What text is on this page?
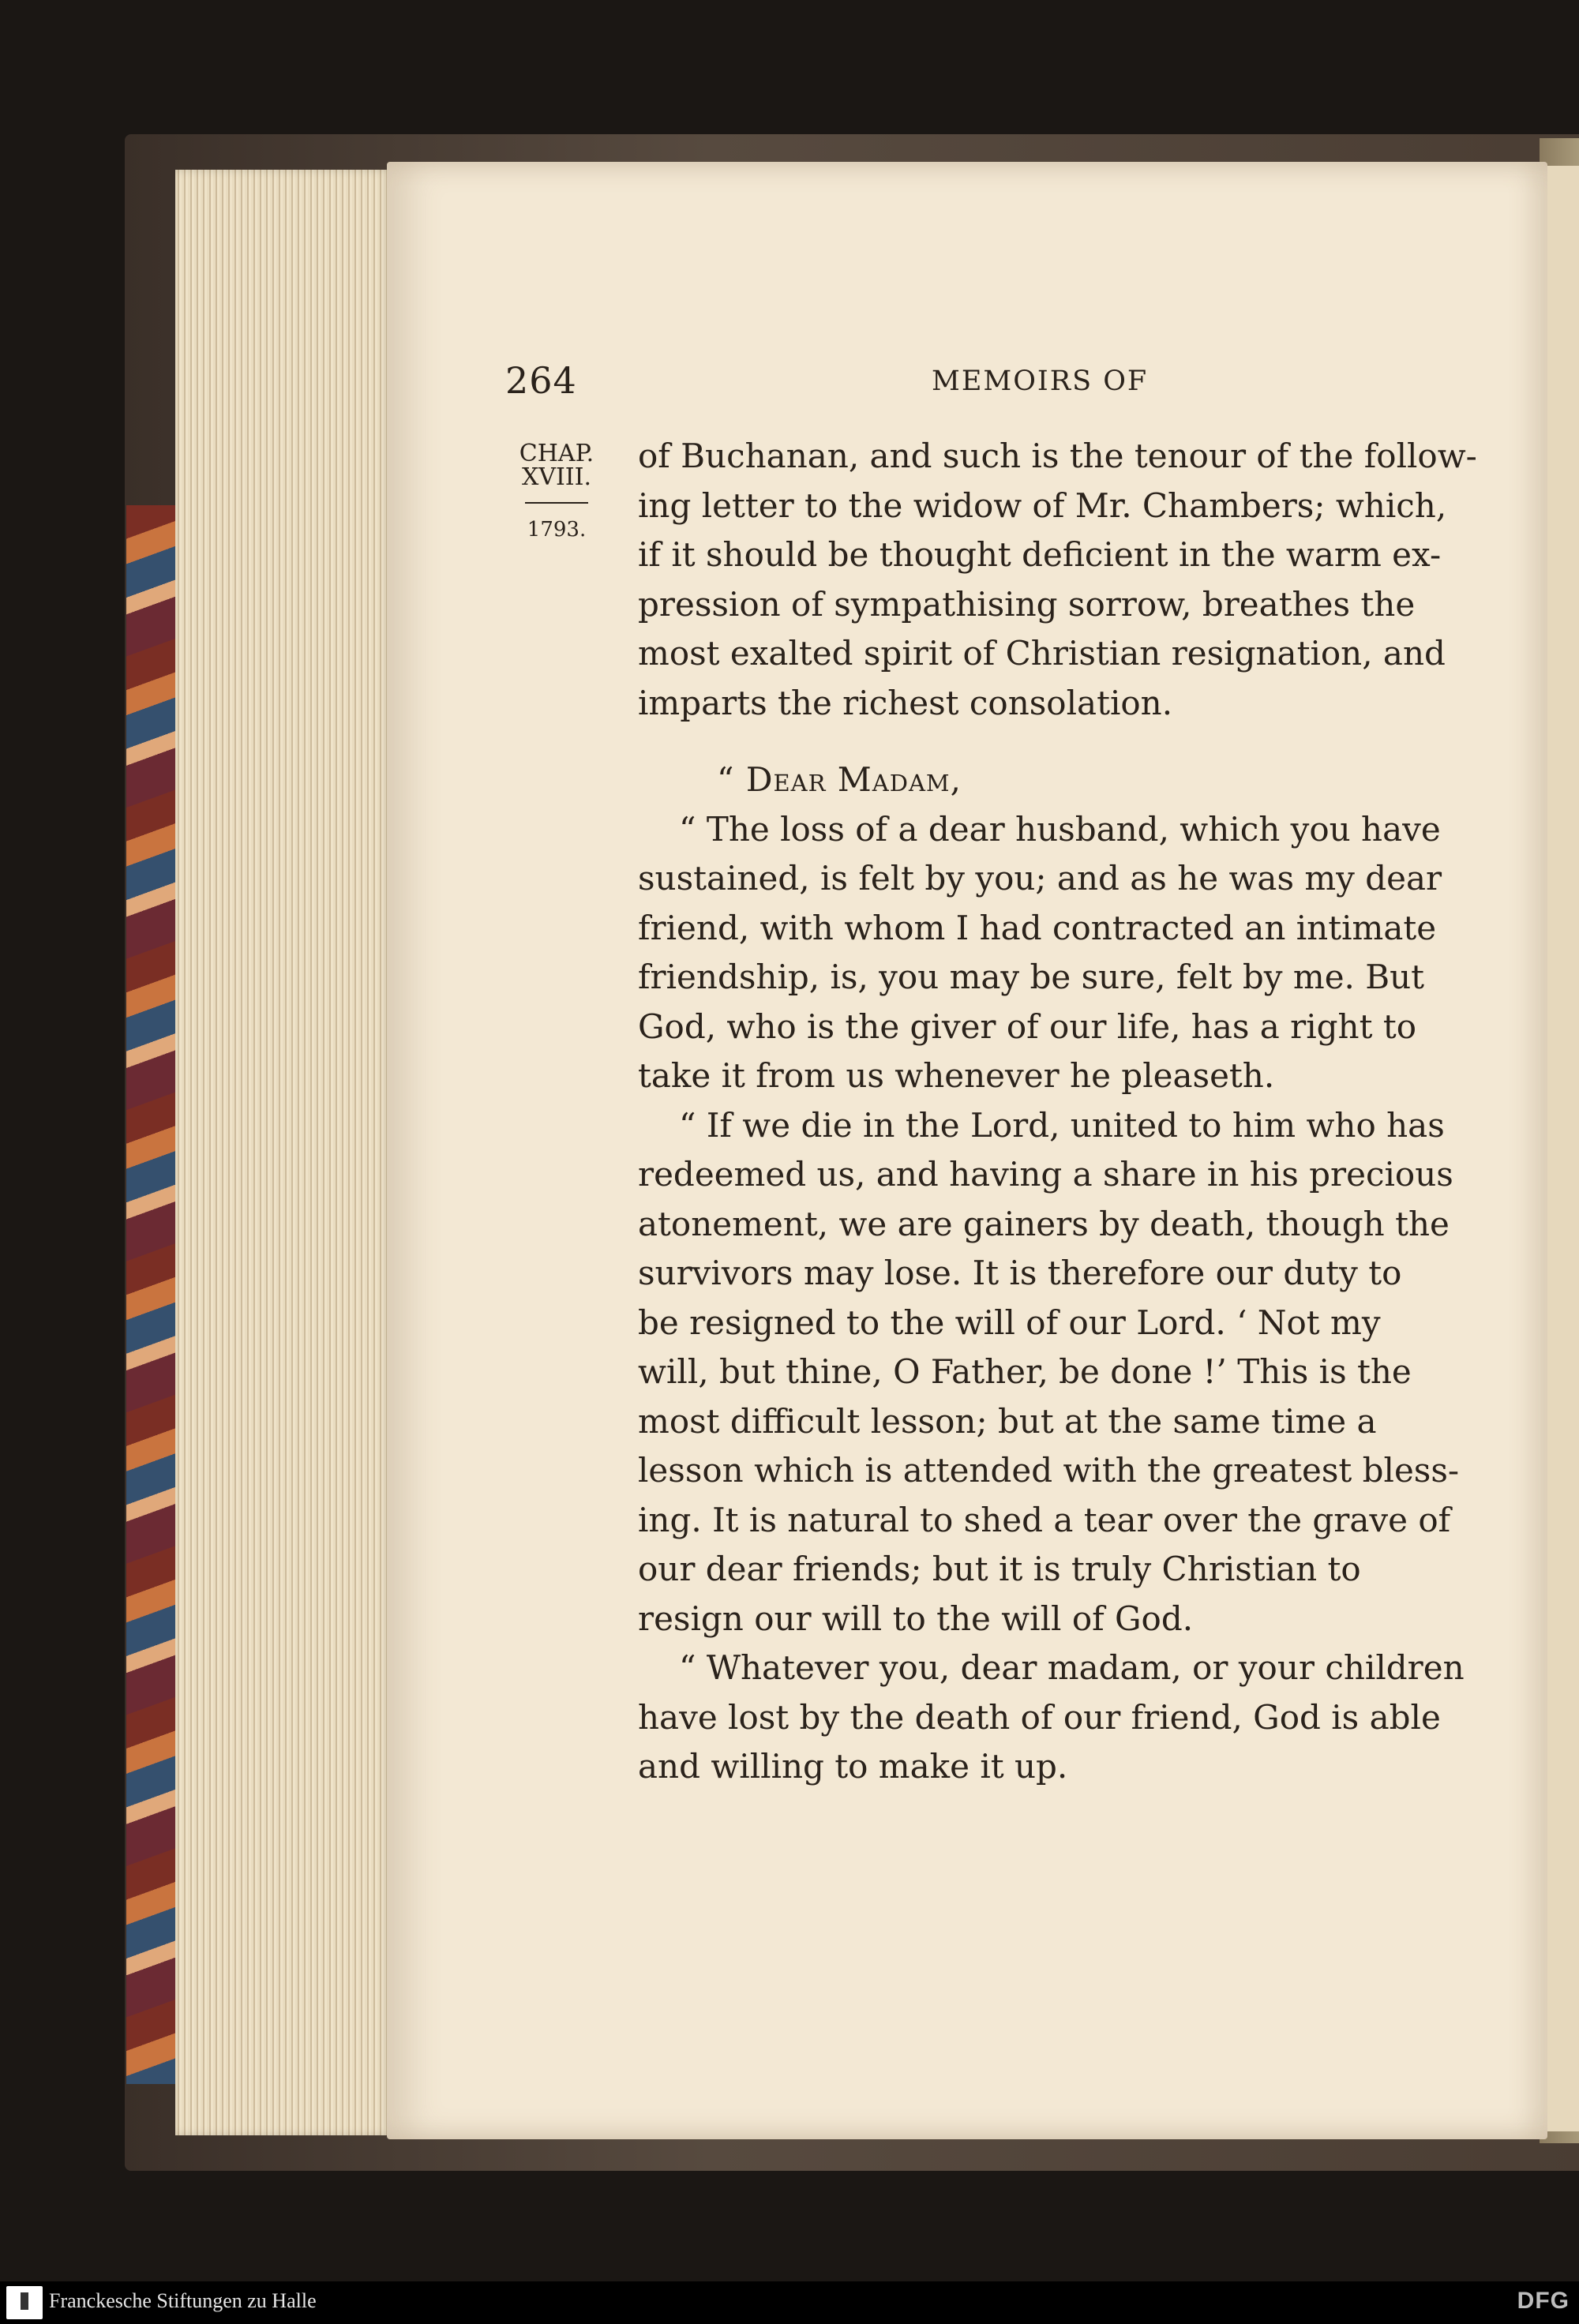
264	MEMOIRS OF
CHAP.
XVIII.
1793.
of Buchanan, and such is the tenour of the follow-
ing letter to the widow of Mr. Chambers; which,
if it should be thought deficient in the warm ex-
pression of sympathising sorrow, breathes the
most exalted spirit of Christian resignation, and
imparts the richest consolation.
“ Dear Madam,
“ The loss of a dear husband, which you have
sustained, is felt by you; and as he was my dear
friend, with whom I had contracted an intimate
friendship, is, you may be sure, felt by me. But
God, who is the giver of our life, has a right to
take it from us whenever he pleaseth.
“ If we die in the Lord, united to him who has
redeemed us, and having a share in his precious
atonement, we are gainers by death, though the
survivors may lose. It is therefore our duty to
be resigned to the will of our Lord. ‘ Not my
will, but thine, O Father, be done !’ This is the
most difficult lesson; but at the same time a
lesson which is attended with the greatest bless-
ing. It is natural to shed a tear over the grave of
our dear friends; but it is truly Christian to
resign our will to the will of God.
“ Whatever you, dear madam, or your children
have lost by the death of our friend, God is able
and willing to make it up.
Franckesche Stiftungen zu Halle	DFG
